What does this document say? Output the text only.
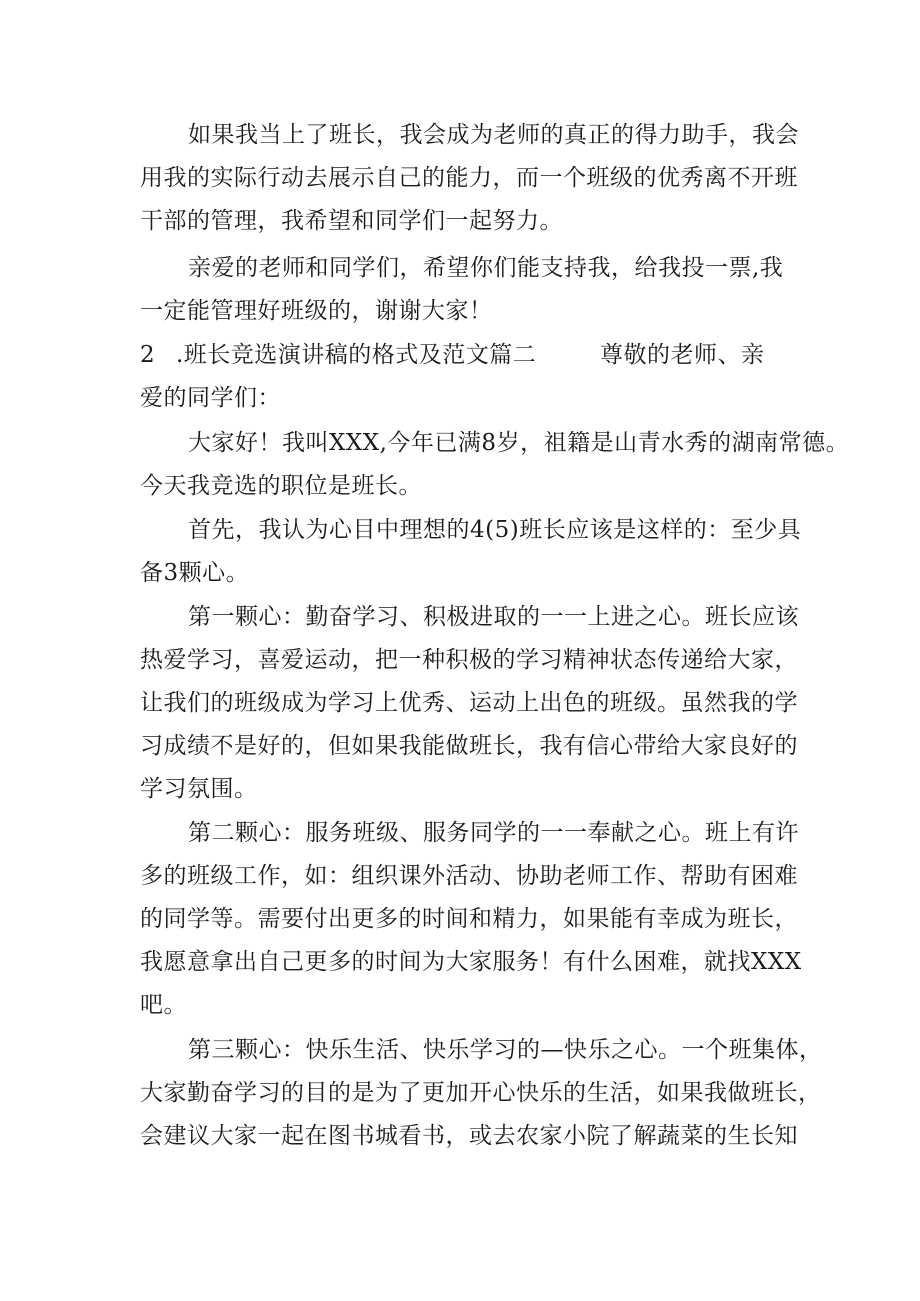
如果我当上了班长，我会成为老师的真正的得力助手，我会
用我的实际行动去展示自己的能力，而一个班级的优秀离不开班
干部的管理，我希望和同学们一起努力。
亲爱的老师和同学们，希望你们能支持我，给我投一票,我
一定能管理好班级的，谢谢大家！
2 .班长竞选演讲稿的格式及范文篇二	尊敬的老师、亲
爱的同学们：
大家好！我叫XXX,今年已满8岁，祖籍是山青水秀的湖南常德。
今天我竞选的职位是班长。
首先，我认为心目中理想的4(5)班长应该是这样的：至少具
备3颗心。
第一颗心：勤奋学习、积极进取的一一上进之心。班长应该
热爱学习，喜爱运动，把一种积极的学习精神状态传递给大家，
让我们的班级成为学习上优秀、运动上出色的班级。虽然我的学
习成绩不是好的，但如果我能做班长，我有信心带给大家良好的
学习氛围。
第二颗心：服务班级、服务同学的一一奉献之心。班上有许
多的班级工作，如：组织课外活动、协助老师工作、帮助有困难
的同学等。需要付出更多的时间和精力，如果能有幸成为班长，
我愿意拿出自己更多的时间为大家服务！有什么困难，就找XXX
吧。
第三颗心：快乐生活、快乐学习的—快乐之心。一个班集体，
大家勤奋学习的目的是为了更加开心快乐的生活，如果我做班长，
会建议大家一起在图书城看书，或去农家小院了解蔬菜的生长知
